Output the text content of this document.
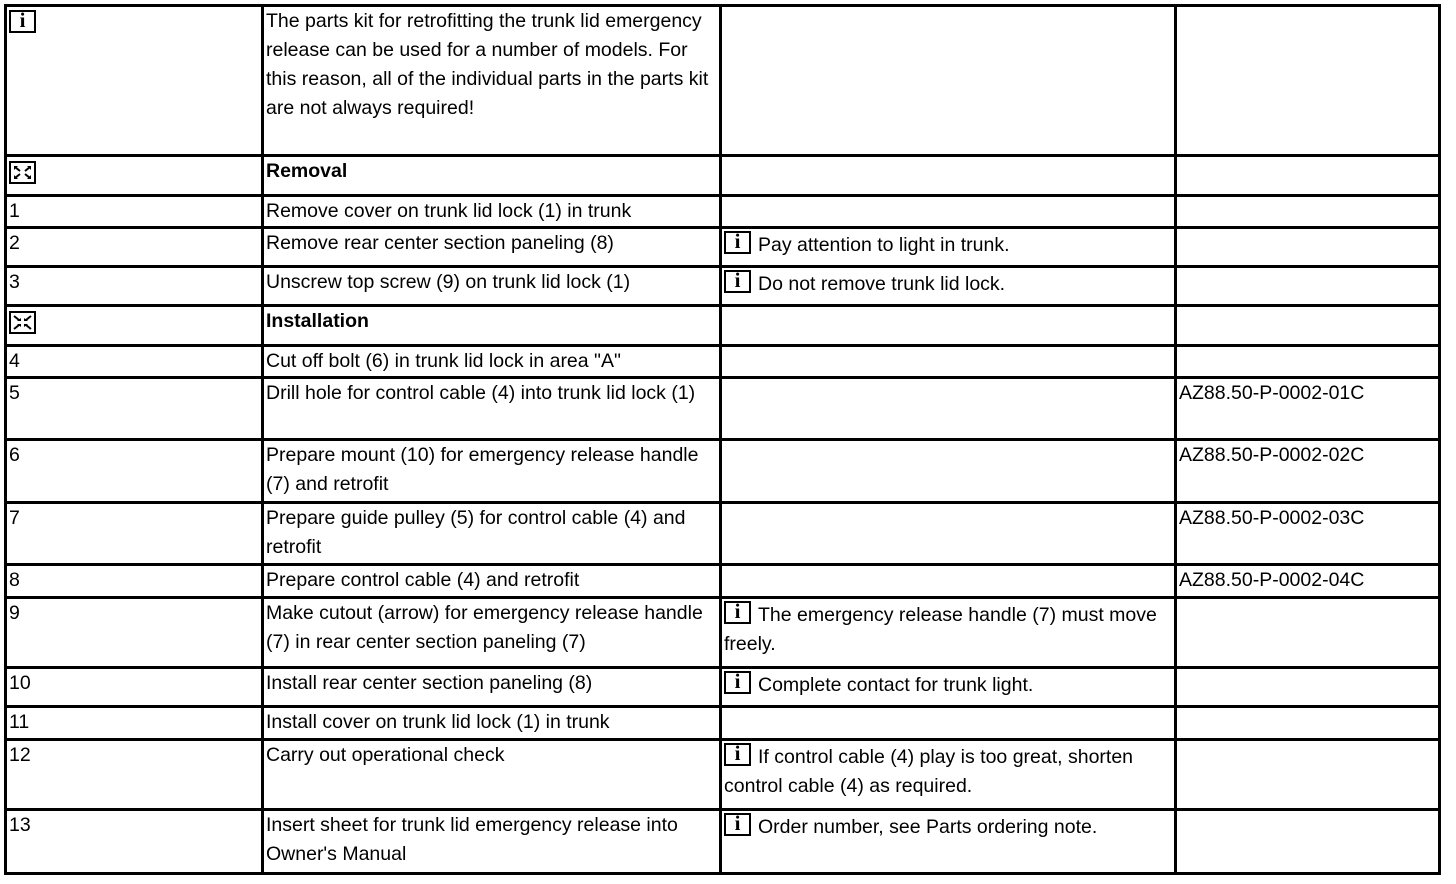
i	The parts kit for retrofitting the trunk lid emergency release can be used for a number of models. For this reason, all of the individual parts in the parts kit are not always required!		

	Removal		
1	Remove cover on trunk lid lock (1) in trunk		
2	Remove rear center section paneling (8)	i Pay attention to light in trunk.	
3	Unscrew top screw (9) on trunk lid lock (1)	i Do not remove trunk lid lock.	

	Installation		
4	Cut off bolt (6) in trunk lid lock in area "A"		
5	Drill hole for control cable (4) into trunk lid lock (1)		AZ88.50-P-0002-01C
6	Prepare mount (10) for emergency release handle (7) and retrofit		AZ88.50-P-0002-02C
7	Prepare guide pulley (5) for control cable (4) and retrofit		AZ88.50-P-0002-03C
8	Prepare control cable (4) and retrofit		AZ88.50-P-0002-04C
9	Make cutout (arrow) for emergency release handle (7) in rear center section paneling (7)	i The emergency release handle (7) must move freely.	
10	Install rear center section paneling (8)	i Complete contact for trunk light.	
11	Install cover on trunk lid lock (1) in trunk		
12	Carry out operational check	i If control cable (4) play is too great, shorten control cable (4) as required.	
13	Insert sheet for trunk lid emergency release into Owner's Manual	i Order number, see Parts ordering note.	
